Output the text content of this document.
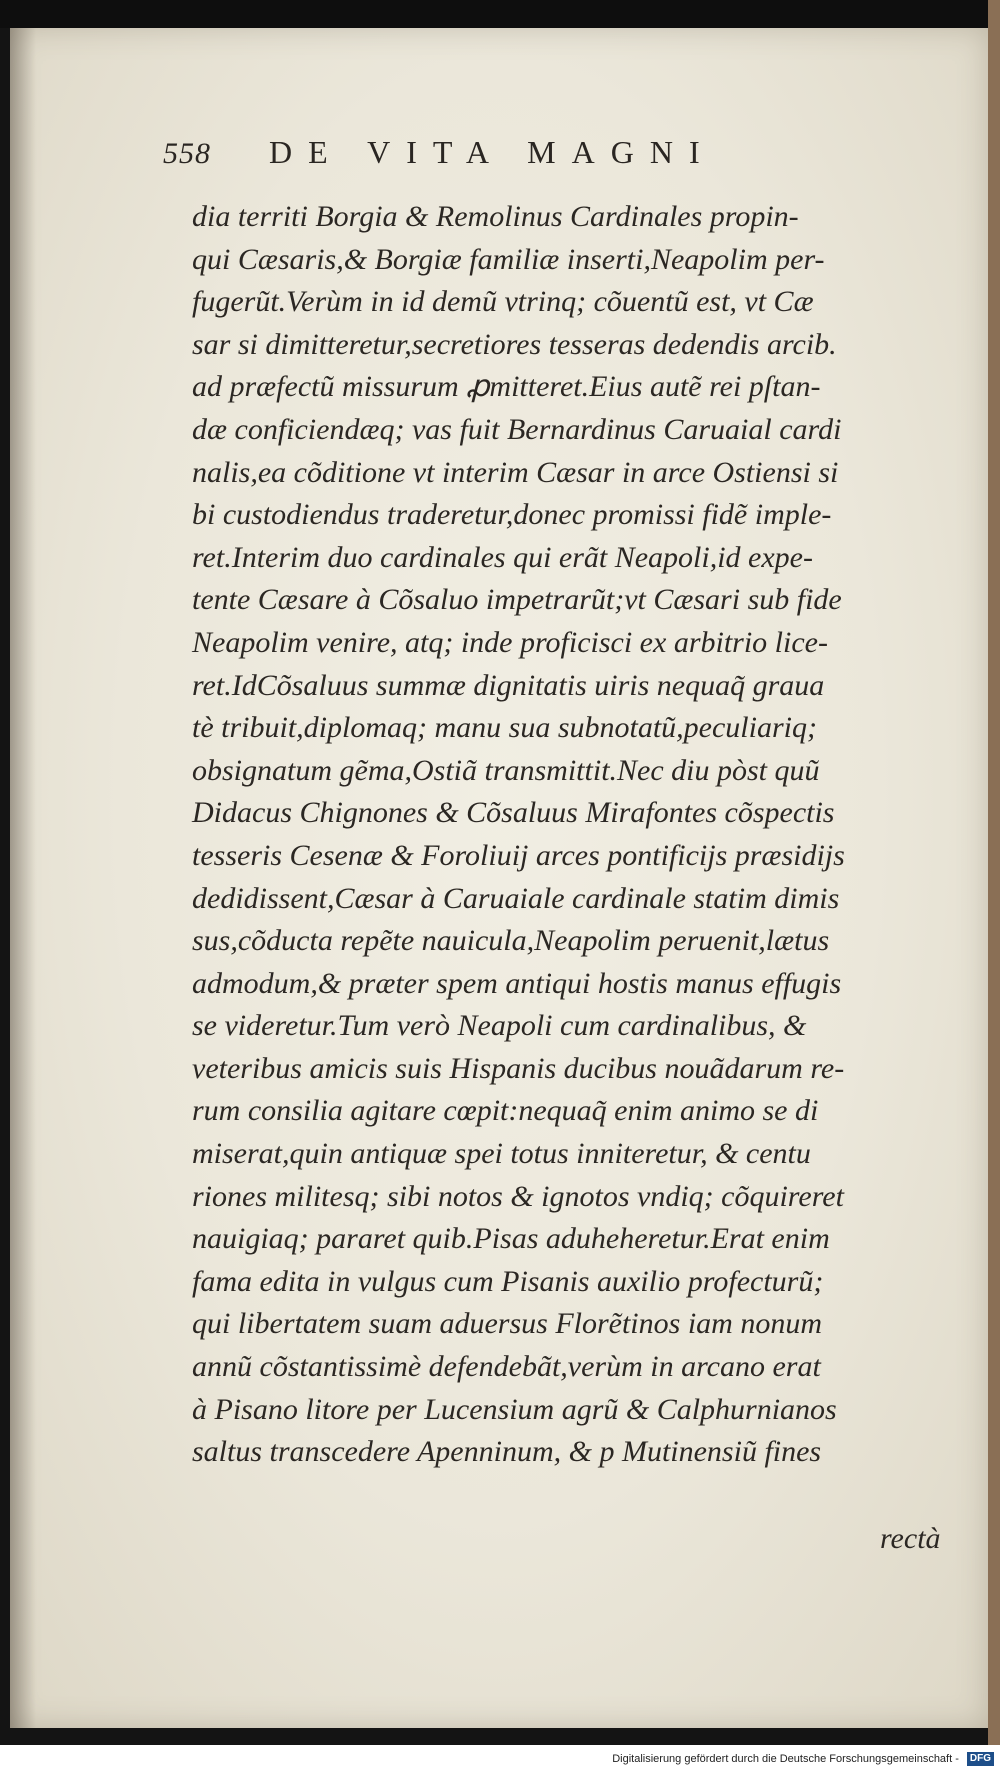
558 DE VITA MAGNI
dia territi Borgia & Remolinus Cardinales propin-
qui Cæsaris,& Borgiæ familiæ inserti,Neapolim per-
fugerũt.Verùm in id demũ vtrinq; cõuentũ est, vt Cæ
sar si dimitteretur,secretiores tesseras dedendis arcib.
ad præfectũ missurum ꝓmitteret.Eius autẽ rei pſtan-
dæ conficiendæq; vas fuit Bernardinus Caruaial cardi
nalis,ea cõditione vt interim Cæsar in arce Ostiensi si
bi custodiendus traderetur,donec promissi fidẽ imple-
ret.Interim duo cardinales qui erãt Neapoli,id expe-
tente Cæsare à Cõsaluo impetrarũt;vt Cæsari sub fide
Neapolim venire, atq; inde proficisci ex arbitrio lice-
ret.IdCõsaluus summæ dignitatis uiris nequaq̃ graua
tè tribuit,diplomaq; manu sua subnotatũ,peculiariq;
obsignatum gẽma,Ostiã transmittit.Nec diu pòst quũ
Didacus Chignones & Cõsaluus Mirafontes cõspectis
tesseris Cesenæ & Foroliuij arces pontificijs præsidijs
dedidissent,Cæsar à Caruaiale cardinale statim dimis
sus,cõducta repẽte nauicula,Neapolim peruenit,lætus
admodum,& præter spem antiqui hostis manus effugis
se videretur.Tum verò Neapoli cum cardinalibus, &
veteribus amicis suis Hispanis ducibus nouãdarum re-
rum consilia agitare cœpit:nequaq̃ enim animo se di
miserat,quin antiquæ spei totus inniteretur, & centu
riones militesq; sibi notos & ignotos vndiq; cõquireret
nauigiaq; pararet quib.Pisas aduheheretur.Erat enim
fama edita in vulgus cum Pisanis auxilio profecturũ;
qui libertatem suam aduersus Florẽtinos iam nonum
annũ cõstantissimè defendebãt,verùm in arcano erat
à Pisano litore per Lucensium agrũ & Calphurnianos
saltus transcedere Apenninum, & p Mutinensiũ fines
rectà
Digitalisierung gefördert durch die Deutsche Forschungsgemeinschaft - DFG
